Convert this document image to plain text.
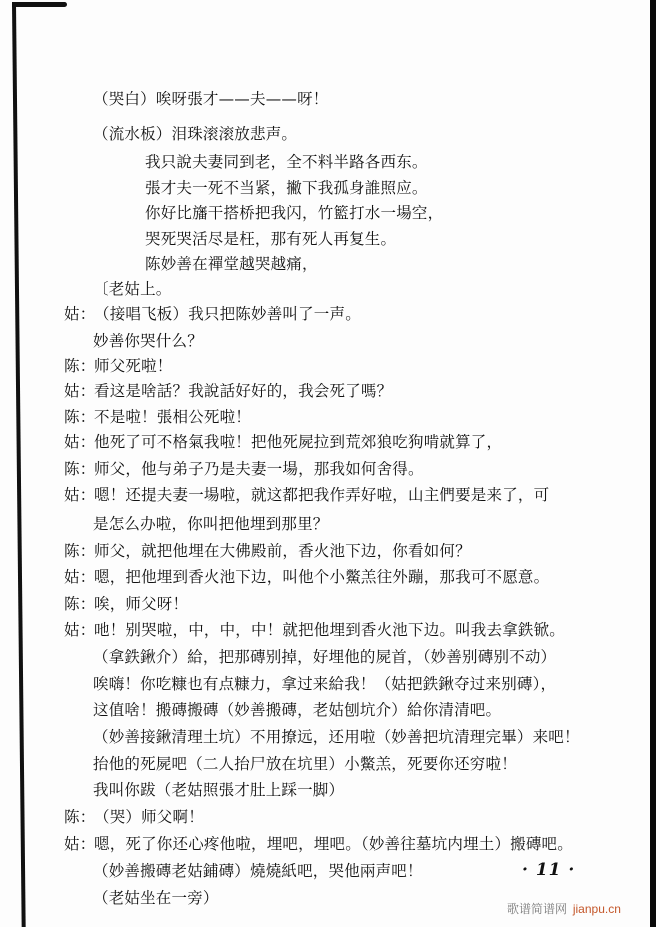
（哭白）唉呀張才——夫——呀！
（流水板）泪珠滚滚放悲声。
我只說夫妻同到老，全不料半路各西东。
張才夫一死不当紧，撇下我孤身誰照应。
你好比旛干搭桥把我闪，竹籃打水一場空，
哭死哭活尽是枉，那有死人再复生。
陈妙善在禪堂越哭越痛，
〔老姑上。
姑：（接唱飞板）我只把陈妙善叫了一声。
妙善你哭什么？
陈：师父死啦！
姑：看这是啥話？我說話好好的，我会死了嗎？
陈：不是啦！張相公死啦！
姑：他死了可不格氣我啦！把他死屍拉到荒郊狼吃狗啃就算了，
陈：师父，他与弟子乃是夫妻一場，那我如何舍得。
姑：嗯！还提夫妻一場啦，就这都把我作弄好啦，山主們要是来了，可
是怎么办啦，你叫把他埋到那里？
陈：师父，就把他埋在大佛殿前，香火池下边，你看如何？
姑：嗯，把他埋到香火池下边，叫他个小鱉羔往外蹦，那我可不愿意。
陈：唉，师父呀！
姑：吔！别哭啦，中，中，中！就把他埋到香火池下边。叫我去拿鉄锨。
（拿鉄鍬介）給，把那磚别掉，好埋他的屍首，（妙善别磚别不动）
唉嗨！你吃糠也有点糠力，拿过来給我！（姑把鉄鍬夺过来别磚），
这值啥！搬磚搬磚（妙善搬磚，老姑刨坑介）給你清清吧。
（妙善接鍬清理土坑）不用撩远，还用啦（妙善把坑清理完畢）来吧！
抬他的死屍吧（二人抬尸放在坑里）小鱉羔，死要你还穷啦！
我叫你跋（老姑照張才肚上踩一脚）
陈：（哭）师父啊！
姑：嗯，死了你还心疼他啦，埋吧，埋吧。（妙善往墓坑内埋土）搬磚吧。
（妙善搬磚老姑鋪磚）燒燒紙吧，哭他兩声吧！
（老姑坐在一旁）
· 11 ·
歌谱简谱网 jianpu.cn
